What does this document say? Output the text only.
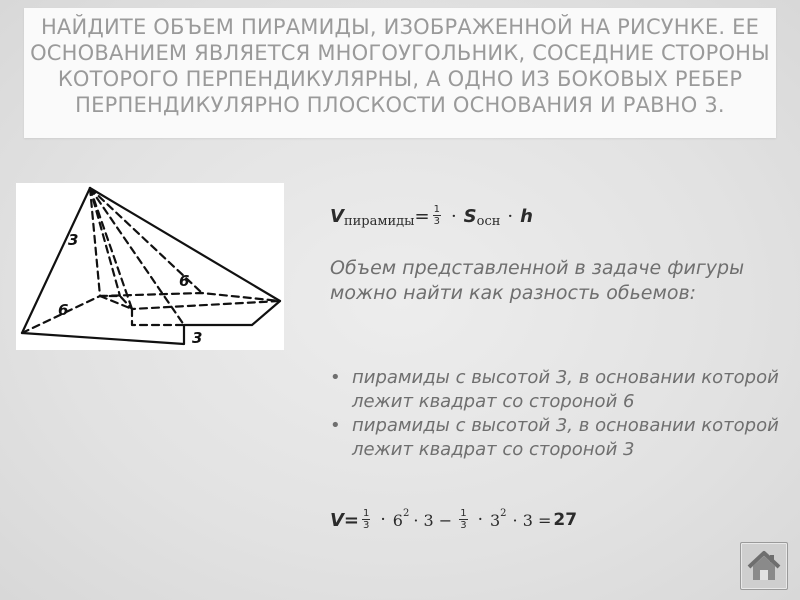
НАЙДИТЕ ОБЪЕМ ПИРАМИДЫ, ИЗОБРАЖЕННОЙ НА РИСУНКЕ. ЕЕ ОСНОВАНИЕМ ЯВЛЯЕТСЯ МНОГОУГОЛЬНИК, СОСЕДНИЕ СТОРОНЫ КОТОРОГО ПЕРПЕНДИКУЛЯРНЫ, А ОДНО ИЗ БОКОВЫХ РЕБЕР ПЕРПЕНДИКУЛЯРНО ПЛОСКОСТИ ОСНОВАНИЯ И РАВНО 3.
3
6
6
3
V пирамиды = $\frac{1}{3} \cdot S$ осн · h
Объем представленной в задаче фигуры можно найти как разность обьемов:
• пирамиды с высотой 3, в основании которой лежит квадрат со стороной 6
• пирамиды с высотой 3, в основании которой лежит квадрат со стороной 3
$V= \frac{1}{3} \cdot 6$ $2 \cdot 3 - \frac{1}{3} \cdot 3$ 2 · 3 = 27
